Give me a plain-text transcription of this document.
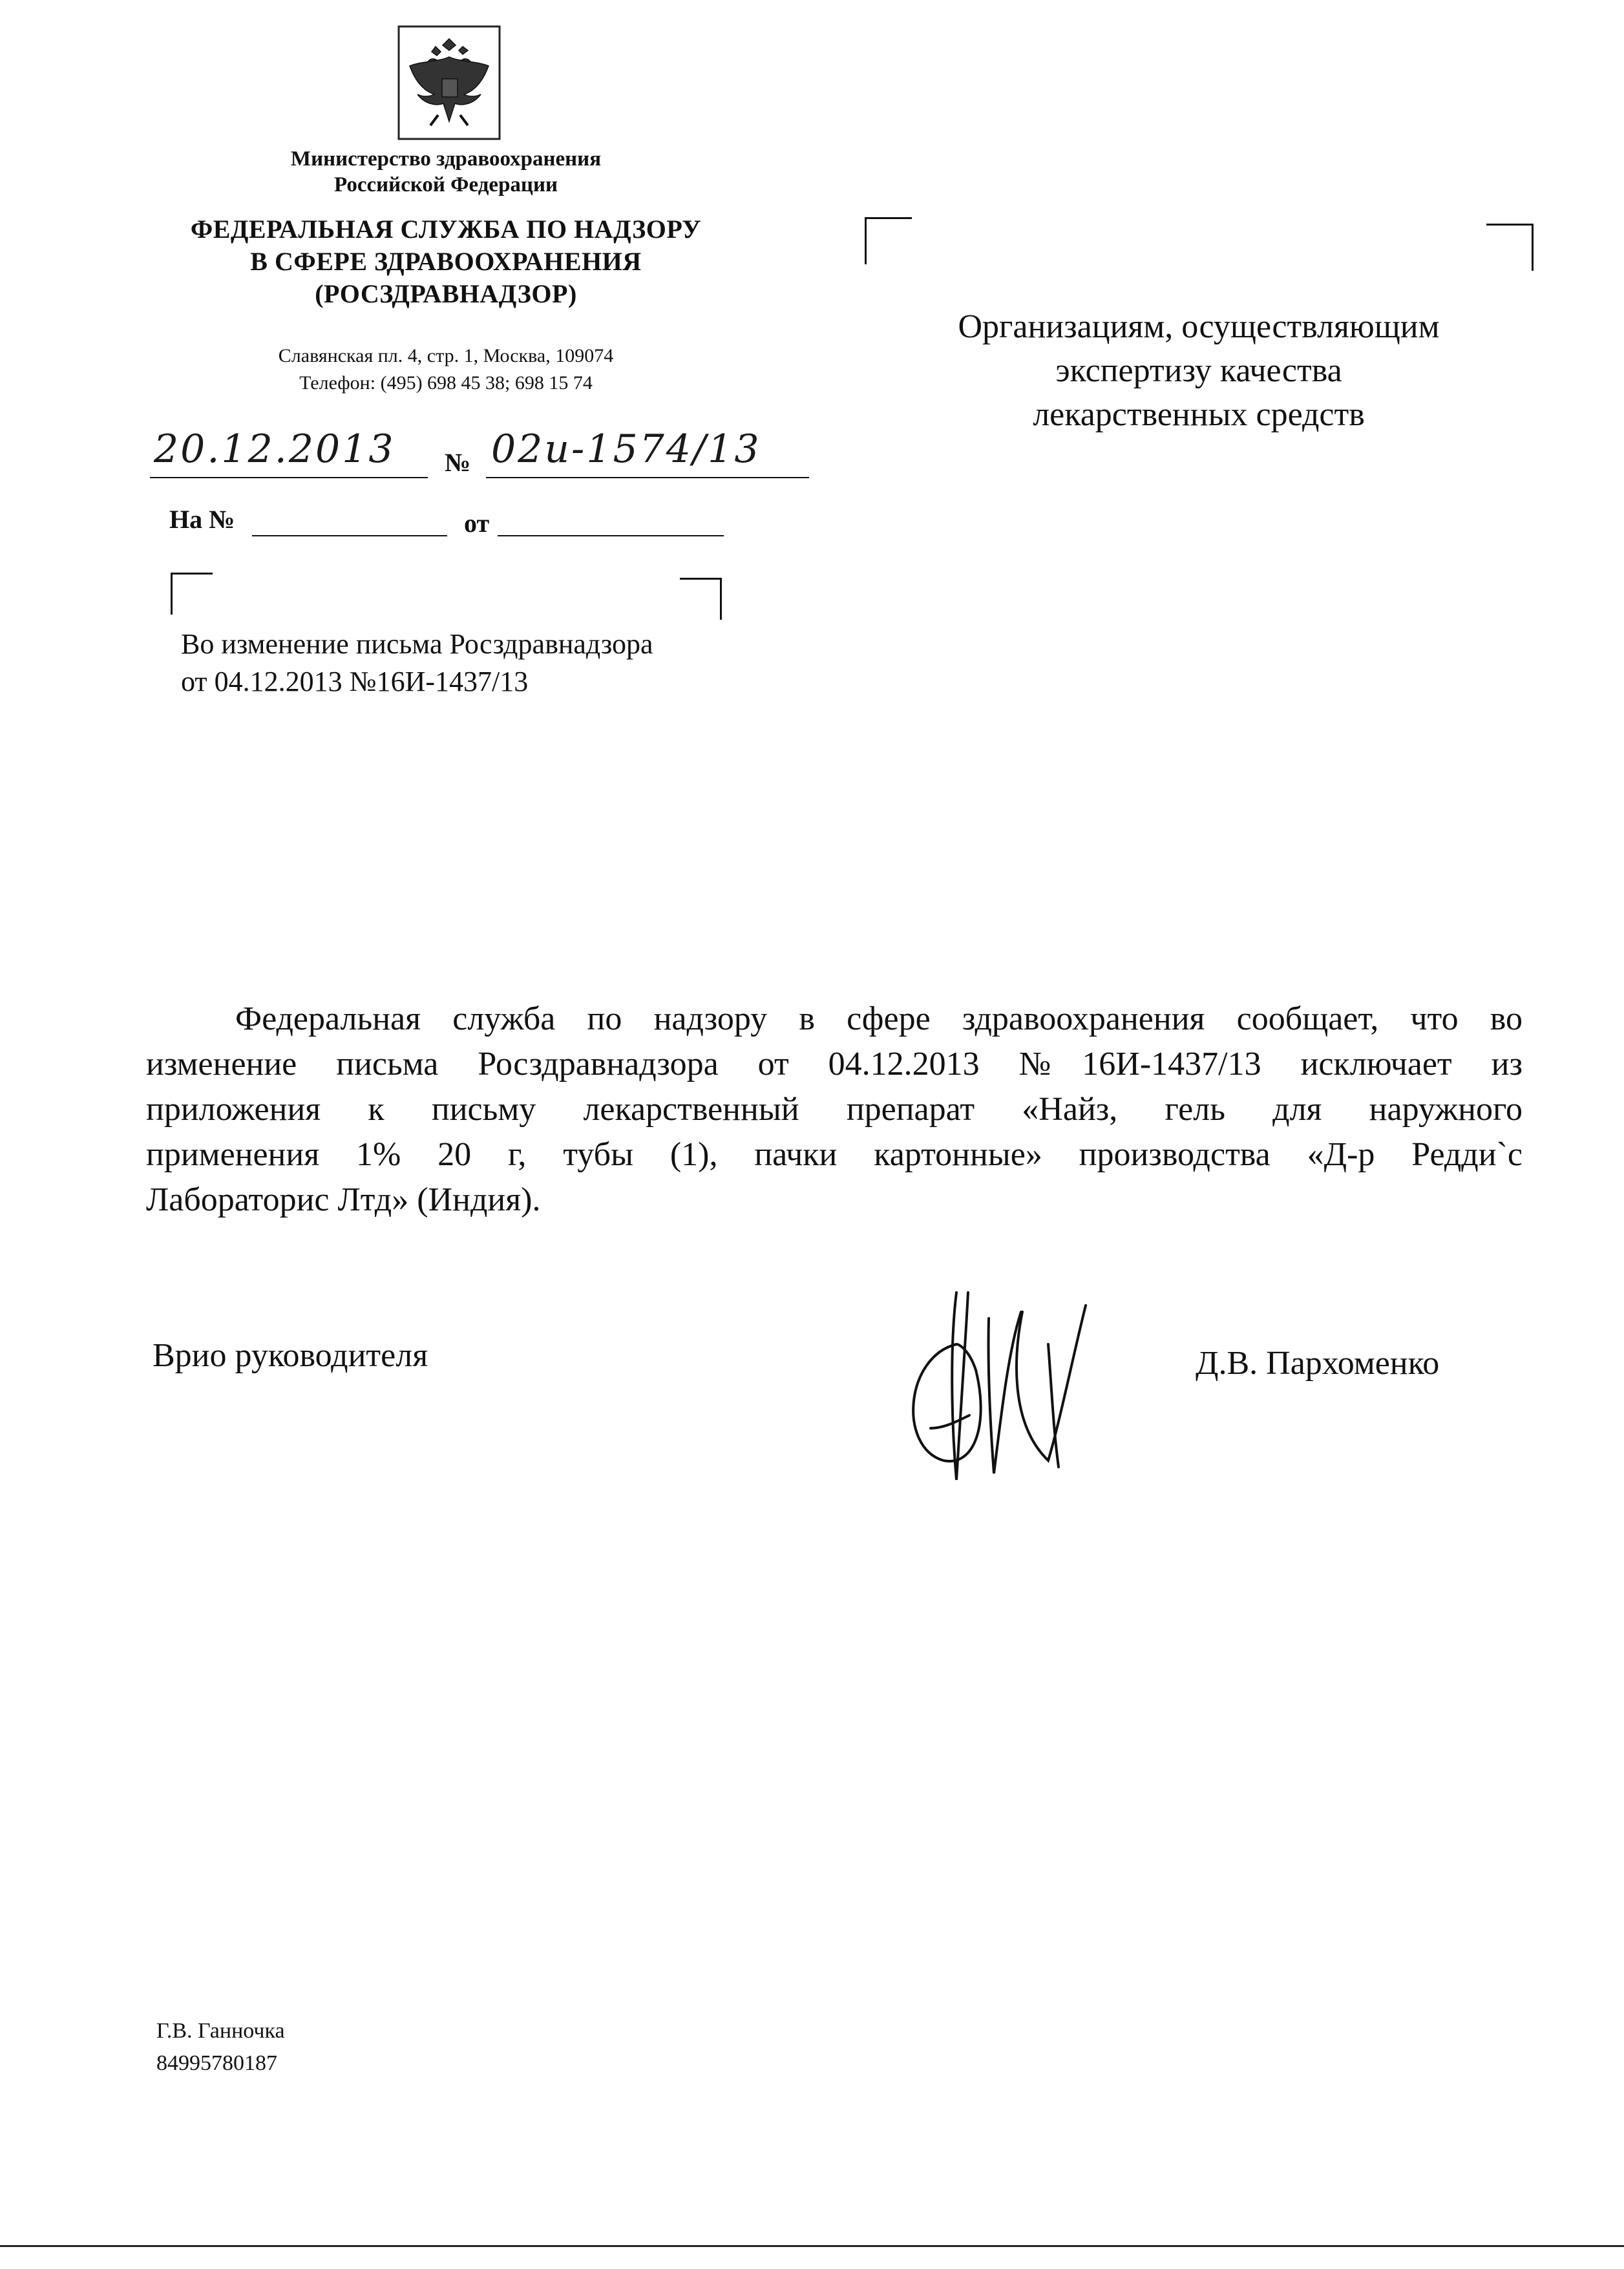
Министерство здравоохранения
Российской Федерации
ФЕДЕРАЛЬНАЯ СЛУЖБА ПО НАДЗОРУ
В СФЕРЕ ЗДРАВООХРАНЕНИЯ
(РОСЗДРАВНАДЗОР)
Славянская пл. 4, стр. 1, Москва, 109074
Телефон: (495) 698 45 38; 698 15 74
20.12.2013 № 02и-1574/13
На №	от
Организациям, осуществляющим
экспертизу качества
лекарственных средств
Во изменение письма Росздравнадзора
от 04.12.2013 №16И-1437/13
Федеральная служба по надзору в сфере здравоохранения сообщает, что во
изменение письма Росздравнадзора от 04.12.2013 №16И-1437/13 исключает из
приложения к письму лекарственный препарат «Найз, гель для наружного
применения 1% 20 г, тубы (1), пачки картонные» производства «Д-р Редди`с
Лабораторис Лтд» (Индия).
Врио руководителя	Д.В. Пархоменко
Г.В. Ганночка
84995780187
